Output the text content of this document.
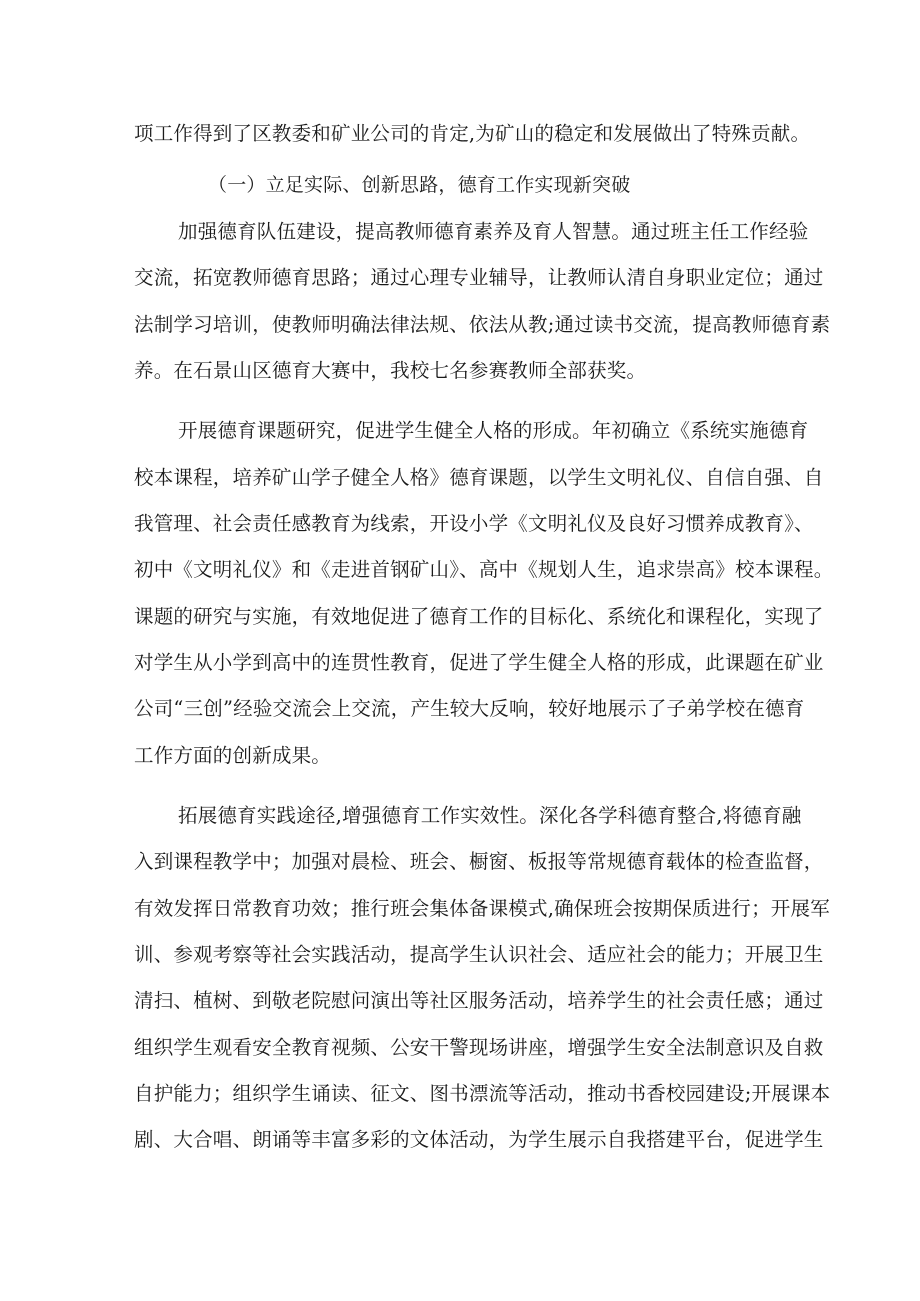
项工作得到了区教委和矿业公司的肯定,为矿山的稳定和发展做出了特殊贡献。
（一）立足实际、创新思路，德育工作实现新突破
加强德育队伍建设，提高教师德育素养及育人智慧。通过班主任工作经验
交流，拓宽教师德育思路；通过心理专业辅导，让教师认清自身职业定位；通过
法制学习培训，使教师明确法律法规、依法从教;通过读书交流，提高教师德育素
养。在石景山区德育大赛中，我校七名参赛教师全部获奖。
开展德育课题研究，促进学生健全人格的形成。年初确立《系统实施德育
校本课程，培养矿山学子健全人格》德育课题，以学生文明礼仪、自信自强、自
我管理、社会责任感教育为线索，开设小学《文明礼仪及良好习惯养成教育》、
初中《文明礼仪》和《走进首钢矿山》、高中《规划人生，追求崇高》校本课程。
课题的研究与实施，有效地促进了德育工作的目标化、系统化和课程化，实现了
对学生从小学到高中的连贯性教育，促进了学生健全人格的形成，此课题在矿业
公司“三创”经验交流会上交流，产生较大反响，较好地展示了子弟学校在德育
工作方面的创新成果。
拓展德育实践途径,增强德育工作实效性。深化各学科德育整合,将德育融
入到课程教学中；加强对晨检、班会、橱窗、板报等常规德育载体的检查监督，
有效发挥日常教育功效；推行班会集体备课模式,确保班会按期保质进行；开展军
训、参观考察等社会实践活动，提高学生认识社会、适应社会的能力；开展卫生
清扫、植树、到敬老院慰问演出等社区服务活动，培养学生的社会责任感；通过
组织学生观看安全教育视频、公安干警现场讲座，增强学生安全法制意识及自救
自护能力；组织学生诵读、征文、图书漂流等活动，推动书香校园建设;开展课本
剧、大合唱、朗诵等丰富多彩的文体活动，为学生展示自我搭建平台，促进学生
